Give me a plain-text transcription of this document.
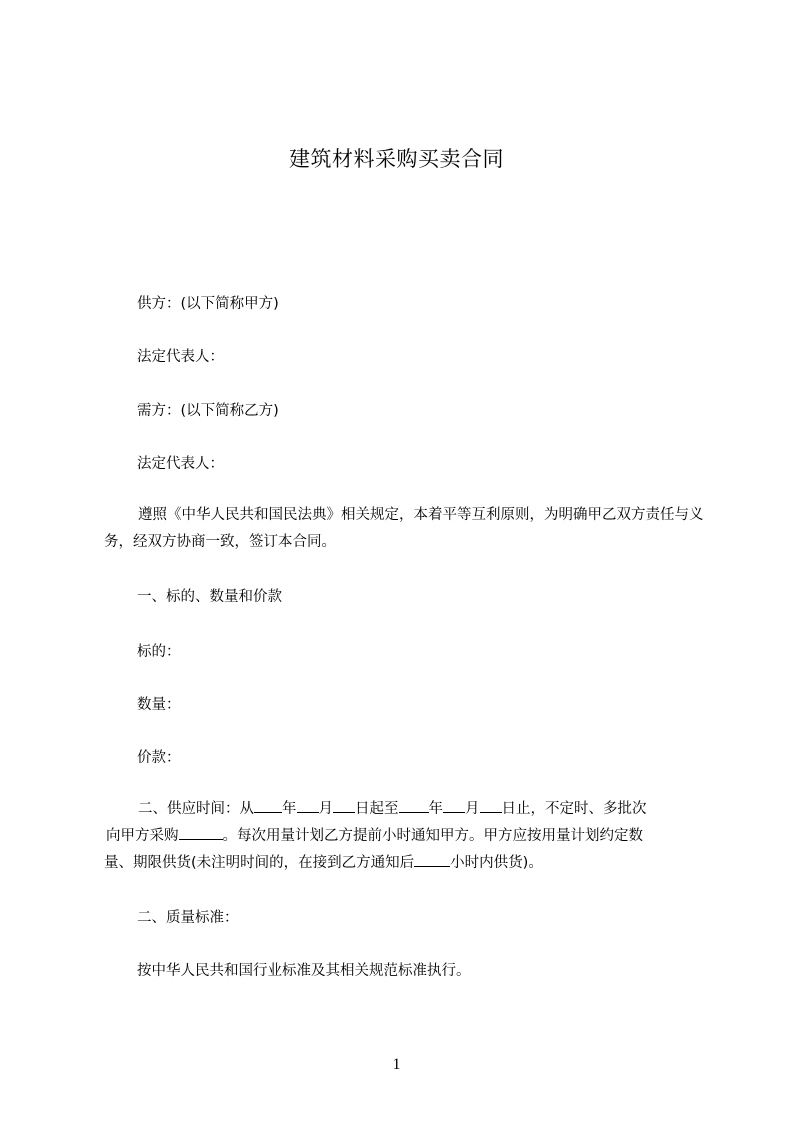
建筑材料采购买卖合同
供方：(以下简称甲方)
法定代表人：
需方：(以下简称乙方)
法定代表人：
遵照《中华人民共和国民法典》相关规定，本着平等互利原则，为明确甲乙双方责任与义务，经双方协商一致，签订本合同。
一、标的、数量和价款
标的：
数量：
价款：
二、供应时间：从 年 月 日起至 年 月 日止，不定时、多批次
向甲方采购	。每次用量计划乙方提前小时通知甲方。甲方应按用量计划约定数
量、期限供货(未注明时间的，在接到乙方通知后 小时内供货)。
二、质量标准：
按中华人民共和国行业标准及其相关规范标准执行。
1
